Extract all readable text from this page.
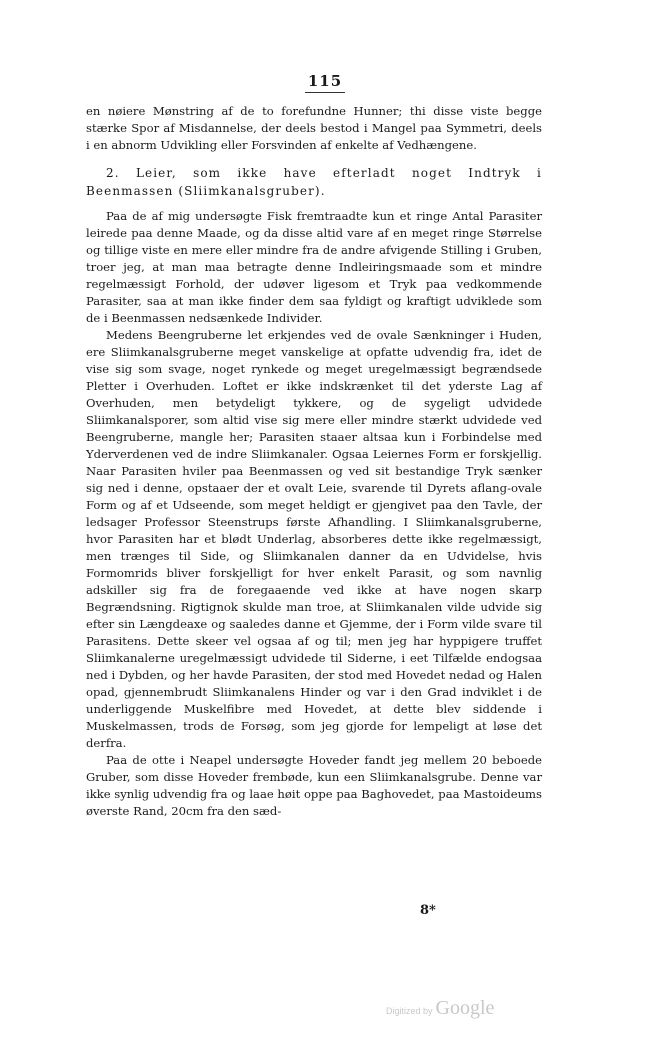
115

en nøiere Mønstring af de to forefundne Hunner; thi disse viste begge stærke Spor af Misdannelse, der deels bestod i Mangel paa Symmetri, deels i en abnorm Udvikling eller Forsvinden af enkelte af Vedhængene.

2. Leier, som ikke have efterladt noget Indtryk i Beenmassen (Sliimkanalsgruber).

Paa de af mig undersøgte Fisk fremtraadte kun et ringe Antal Parasiter leirede paa denne Maade, og da disse altid vare af en meget ringe Størrelse og tillige viste en mere eller mindre fra de andre afvigende Stilling i Gruben, troer jeg, at man maa betragte denne Indleiringsmaade som et mindre regelmæssigt Forhold, der udøver ligesom et Tryk paa vedkommende Parasiter, saa at man ikke finder dem saa fyldigt og kraftigt udviklede som de i Beenmassen nedsænkede Individer.

Medens Beengruberne let erkjendes ved de ovale Sænkninger i Huden, ere Sliimkanalsgruberne meget vanskelige at opfatte udvendig fra, idet de vise sig som svage, noget rynkede og meget uregelmæssigt begrændsede Pletter i Overhuden. Loftet er ikke indskrænket til det yderste Lag af Overhuden, men betydeligt tykkere, og de sygeligt udvidede Sliimkanalsporer, som altid vise sig mere eller mindre stærkt udvidede ved Beengruberne, mangle her; Parasiten staaer altsaa kun i Forbindelse med Yderverdenen ved de indre Sliimkanaler. Ogsaa Leiernes Form er forskjellig. Naar Parasiten hviler paa Beenmassen og ved sit bestandige Tryk sænker sig ned i denne, opstaaer der et ovalt Leie, svarende til Dyrets aflang-ovale Form og af et Udseende, som meget heldigt er gjengivet paa den Tavle, der ledsager Professor Steenstrups første Afhandling. I Sliimkanalsgruberne, hvor Parasiten har et blødt Underlag, absorberes dette ikke regelmæssigt, men trænges til Side, og Sliimkanalen danner da en Udvidelse, hvis Formomrids bliver forskjelligt for hver enkelt Parasit, og som navnlig adskiller sig fra de foregaaende ved ikke at have nogen skarp Begrændsning. Rigtignok skulde man troe, at Sliimkanalen vilde udvide sig efter sin Længdeaxe og saaledes danne et Gjemme, der i Form vilde svare til Parasitens. Dette skeer vel ogsaa af og til; men jeg har hyppigere truffet Sliimkanalerne uregelmæssigt udvidede til Siderne, i eet Tilfælde endogsaa ned i Dybden, og her havde Parasiten, der stod med Hovedet nedad og Halen opad, gjennembrudt Sliimkanalens Hinder og var i den Grad indviklet i de underliggende Muskelfibre med Hovedet, at dette blev siddende i Muskelmassen, trods de Forsøg, som jeg gjorde for lempeligt at løse det derfra.

Paa de otte i Neapel undersøgte Hoveder fandt jeg mellem 20 beboede Gruber, som disse Hoveder frembøde, kun een Sliimkanalsgrube. Denne var ikke synlig udvendig fra og laae høit oppe paa Baghovedet, paa Mastoideums øverste Rand, 20cm fra den sæd-

8*
Digitized by Google
